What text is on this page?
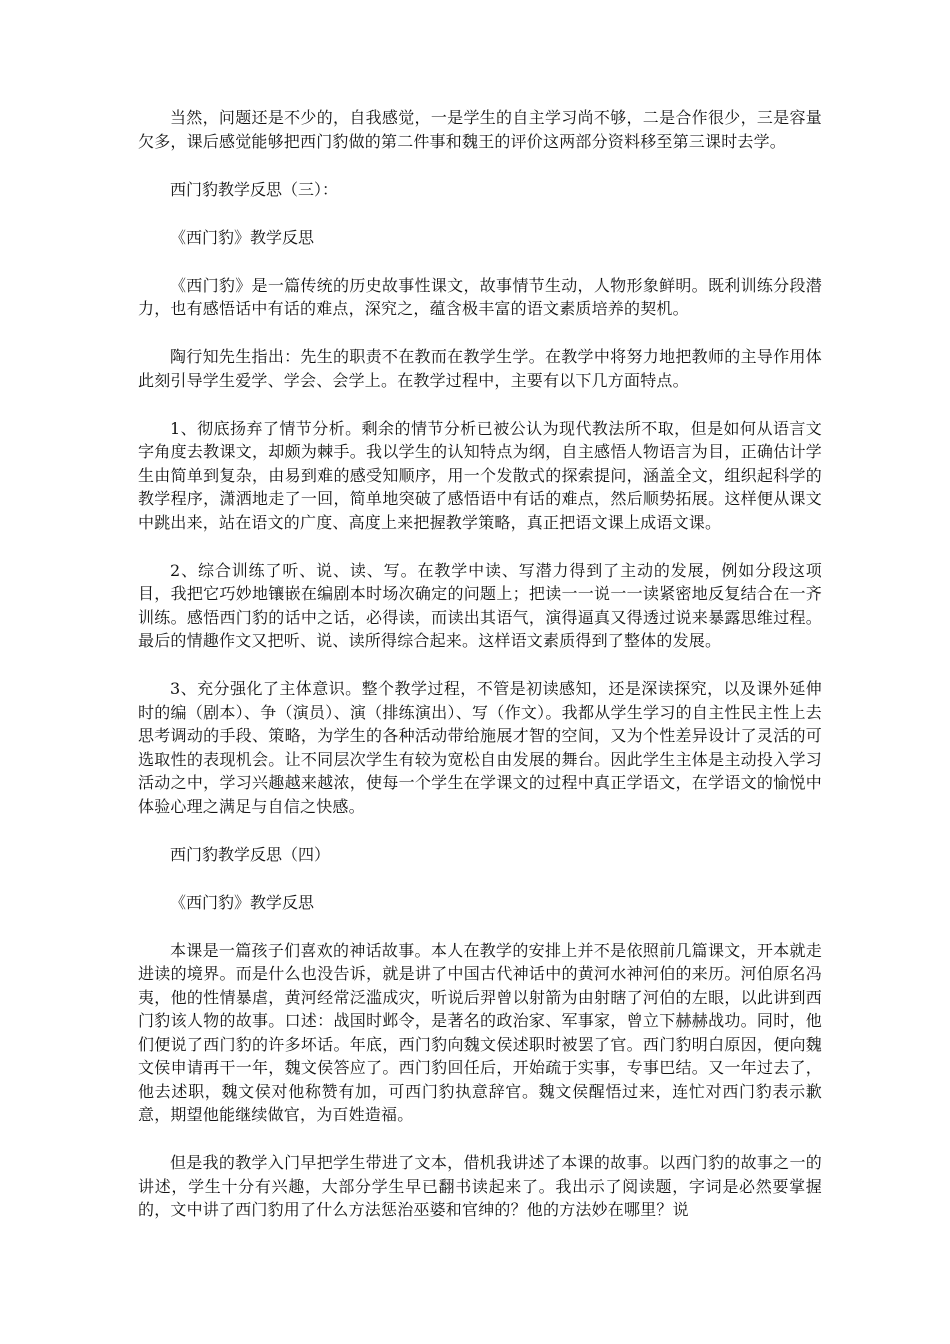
当然，问题还是不少的，自我感觉，一是学生的自主学习尚不够，二是合作很少，三是容量欠多，课后感觉能够把西门豹做的第二件事和魏王的评价这两部分资料移至第三课时去学。

西门豹教学反思（三）：

《西门豹》教学反思

《西门豹》是一篇传统的历史故事性课文，故事情节生动，人物形象鲜明。既利训练分段潜力，也有感悟话中有话的难点，深究之，蕴含极丰富的语文素质培养的契机。

陶行知先生指出：先生的职责不在教而在教学生学。在教学中将努力地把教师的主导作用体此刻引导学生爱学、学会、会学上。在教学过程中，主要有以下几方面特点。

1、彻底扬弃了情节分析。剩余的情节分析已被公认为现代教法所不取，但是如何从语言文字角度去教课文，却颇为棘手。我以学生的认知特点为纲，自主感悟人物语言为目，正确估计学生由简单到复杂，由易到难的感受知顺序，用一个发散式的探索提问，涵盖全文，组织起科学的教学程序，潇洒地走了一回，简单地突破了感悟语中有话的难点，然后顺势拓展。这样便从课文中跳出来，站在语文的广度、高度上来把握教学策略，真正把语文课上成语文课。

2、综合训练了听、说、读、写。在教学中读、写潜力得到了主动的发展，例如分段这项目，我把它巧妙地镶嵌在编剧本时场次确定的问题上；把读一一说一一读紧密地反复结合在一齐训练。感悟西门豹的话中之话，必得读，而读出其语气，演得逼真又得透过说来暴露思维过程。最后的情趣作文又把听、说、读所得综合起来。这样语文素质得到了整体的发展。

3、充分强化了主体意识。整个教学过程，不管是初读感知，还是深读探究，以及课外延伸时的编（剧本）、争（演员）、演（排练演出）、写（作文）。我都从学生学习的自主性民主性上去思考调动的手段、策略，为学生的各种活动带给施展才智的空间，又为个性差异设计了灵活的可选取性的表现机会。让不同层次学生有较为宽松自由发展的舞台。因此学生主体是主动投入学习活动之中，学习兴趣越来越浓，使每一个学生在学课文的过程中真正学语文，在学语文的愉悦中体验心理之满足与自信之快感。

西门豹教学反思（四）

《西门豹》教学反思

本课是一篇孩子们喜欢的神话故事。本人在教学的安排上并不是依照前几篇课文，开本就走进读的境界。而是什么也没告诉，就是讲了中国古代神话中的黄河水神河伯的来历。河伯原名冯夷，他的性情暴虐，黄河经常泛滥成灾，听说后羿曾以射箭为由射瞎了河伯的左眼，以此讲到西门豹该人物的故事。口述：战国时邺令，是著名的政治家、军事家，曾立下赫赫战功。同时，他们便说了西门豹的许多坏话。年底，西门豹向魏文侯述职时被罢了官。西门豹明白原因，便向魏文侯申请再干一年，魏文侯答应了。西门豹回任后，开始疏于实事，专事巴结。又一年过去了，他去述职，魏文侯对他称赞有加，可西门豹执意辞官。魏文侯醒悟过来，连忙对西门豹表示歉意，期望他能继续做官，为百姓造福。

但是我的教学入门早把学生带进了文本，借机我讲述了本课的故事。以西门豹的故事之一的讲述，学生十分有兴趣，大部分学生早已翻书读起来了。我出示了阅读题，字词是必然要掌握的，文中讲了西门豹用了什么方法惩治巫婆和官绅的？他的方法妙在哪里？说
